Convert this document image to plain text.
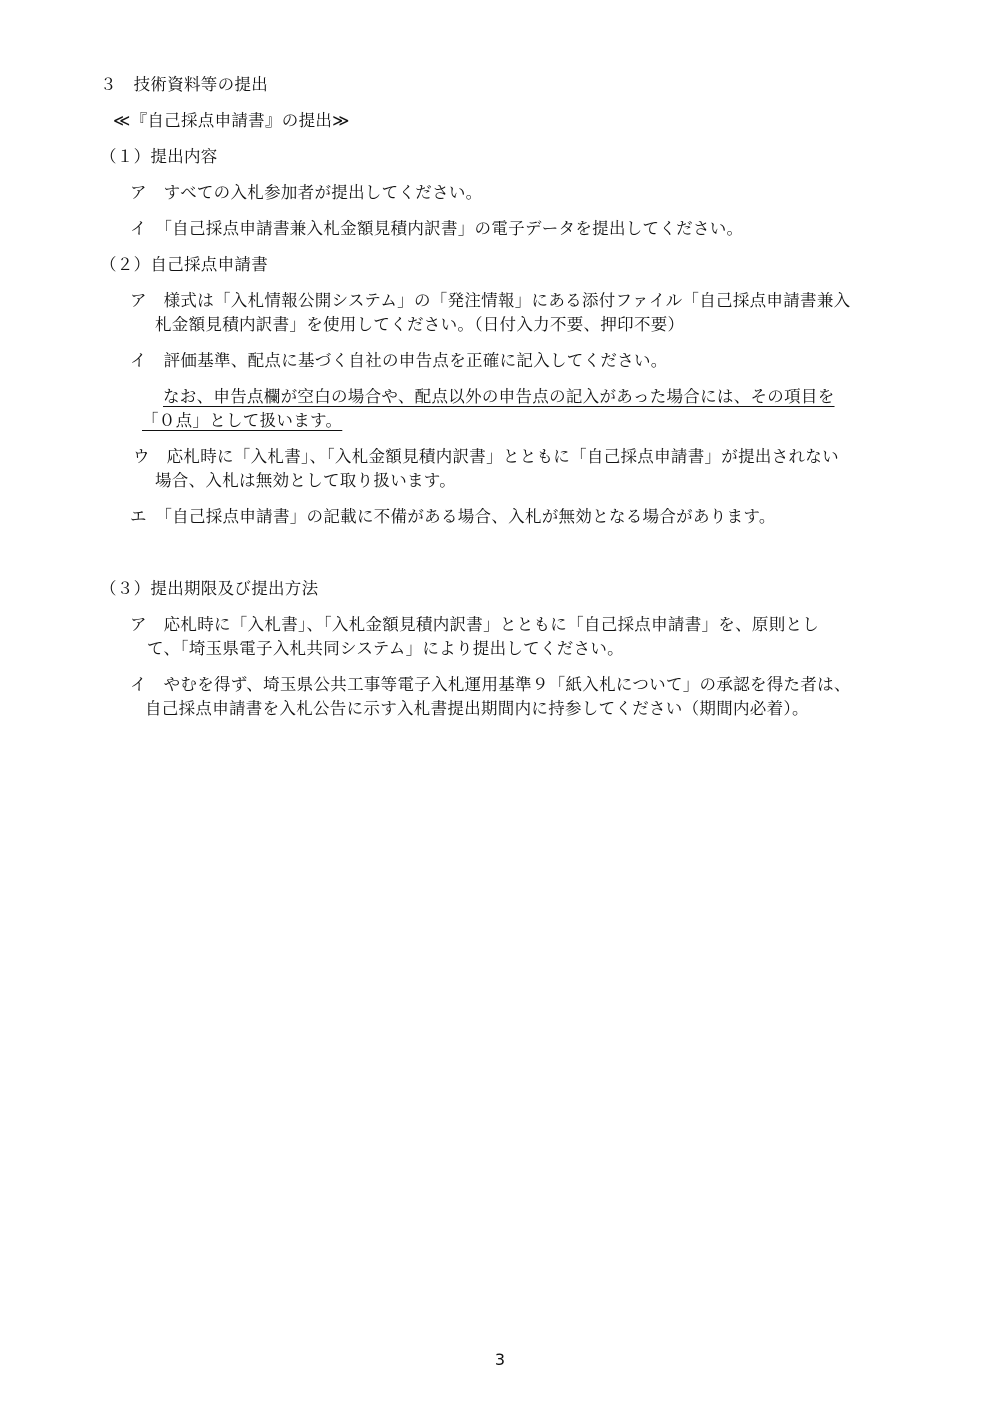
３　技術資料等の提出
≪『自己採点申請書』の提出≫
（１）提出内容
ア　すべての入札参加者が提出してください。
イ　「自己採点申請書兼入札金額見積内訳書」の電子データを提出してください。
（２）自己採点申請書
ア　様式は「入札情報公開システム」の「発注情報」にある添付ファイル「自己採点申請書兼入
札金額見積内訳書」を使用してください。（日付入力不要、押印不要）
イ　評価基準、配点に基づく自社の申告点を正確に記入してください。
なお、申告点欄が空白の場合や、配点以外の申告点の記入があった場合には、その項目を
「０点」として扱います。
ウ　応札時に「入札書」、「入札金額見積内訳書」とともに「自己採点申請書」が提出されない
場合、入札は無効として取り扱います。
エ　「自己採点申請書」の記載に不備がある場合、入札が無効となる場合があります。
（３）提出期限及び提出方法
ア　応札時に「入札書」、「入札金額見積内訳書」とともに「自己採点申請書」を、原則とし
て、「埼玉県電子入札共同システム」により提出してください。
イ　やむを得ず、埼玉県公共工事等電子入札運用基準９「紙入札について」の承認を得た者は、
自己採点申請書を入札公告に示す入札書提出期間内に持参してください（期間内必着）。
3
